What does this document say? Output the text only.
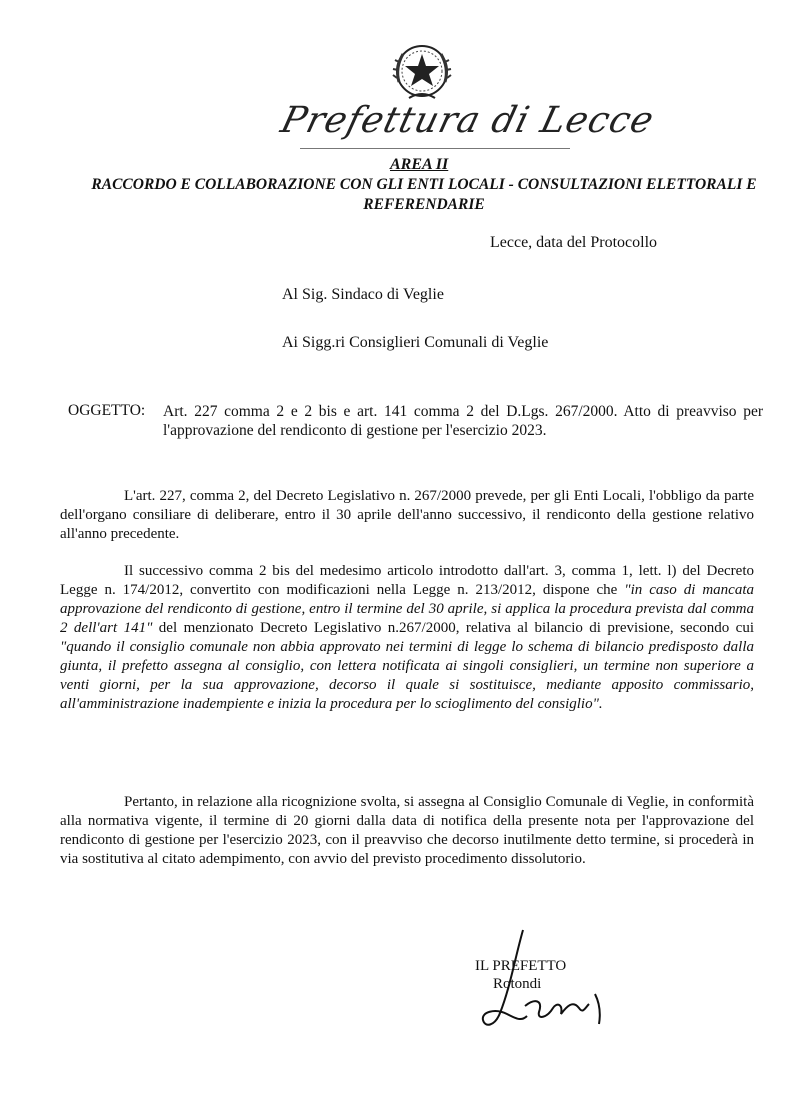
Prefettura di Lecce
AREA II
RACCORDO E COLLABORAZIONE CON GLI ENTI LOCALI - CONSULTAZIONI ELETTORALI E REFERENDARIE
Lecce, data del Protocollo
Al Sig. Sindaco di Veglie
Ai Sigg.ri Consiglieri Comunali di Veglie
OGGETTO: Art. 227 comma 2 e 2 bis e art. 141 comma 2 del D.Lgs. 267/2000. Atto di preavviso per l'approvazione del rendiconto di gestione per l'esercizio 2023.
L'art. 227, comma 2, del Decreto Legislativo n. 267/2000 prevede, per gli Enti Locali, l'obbligo da parte dell'organo consiliare di deliberare, entro il 30 aprile dell'anno successivo, il rendiconto della gestione relativo all'anno precedente.
Il successivo comma 2 bis del medesimo articolo introdotto dall'art. 3, comma 1, lett. l) del Decreto Legge n. 174/2012, convertito con modificazioni nella Legge n. 213/2012, dispone che "in caso di mancata approvazione del rendiconto di gestione, entro il termine del 30 aprile, si applica la procedura prevista dal comma 2 dell'art 141" del menzionato Decreto Legislativo n.267/2000, relativa al bilancio di previsione, secondo cui "quando il consiglio comunale non abbia approvato nei termini di legge lo schema di bilancio predisposto dalla giunta, il prefetto assegna al consiglio, con lettera notificata ai singoli consiglieri, un termine non superiore a venti giorni, per la sua approvazione, decorso il quale si sostituisce, mediante apposito commissario, all'amministrazione inadempiente e inizia la procedura per lo scioglimento del consiglio".
Pertanto, in relazione alla ricognizione svolta, si assegna al Consiglio Comunale di Veglie, in conformità alla normativa vigente, il termine di 20 giorni dalla data di notifica della presente nota per l'approvazione del rendiconto di gestione per l'esercizio 2023, con il preavviso che decorso inutilmente detto termine, si procederà in via sostitutiva al citato adempimento, con avvio del previsto procedimento dissolutorio.
IL PREFETTO
Rotondi
